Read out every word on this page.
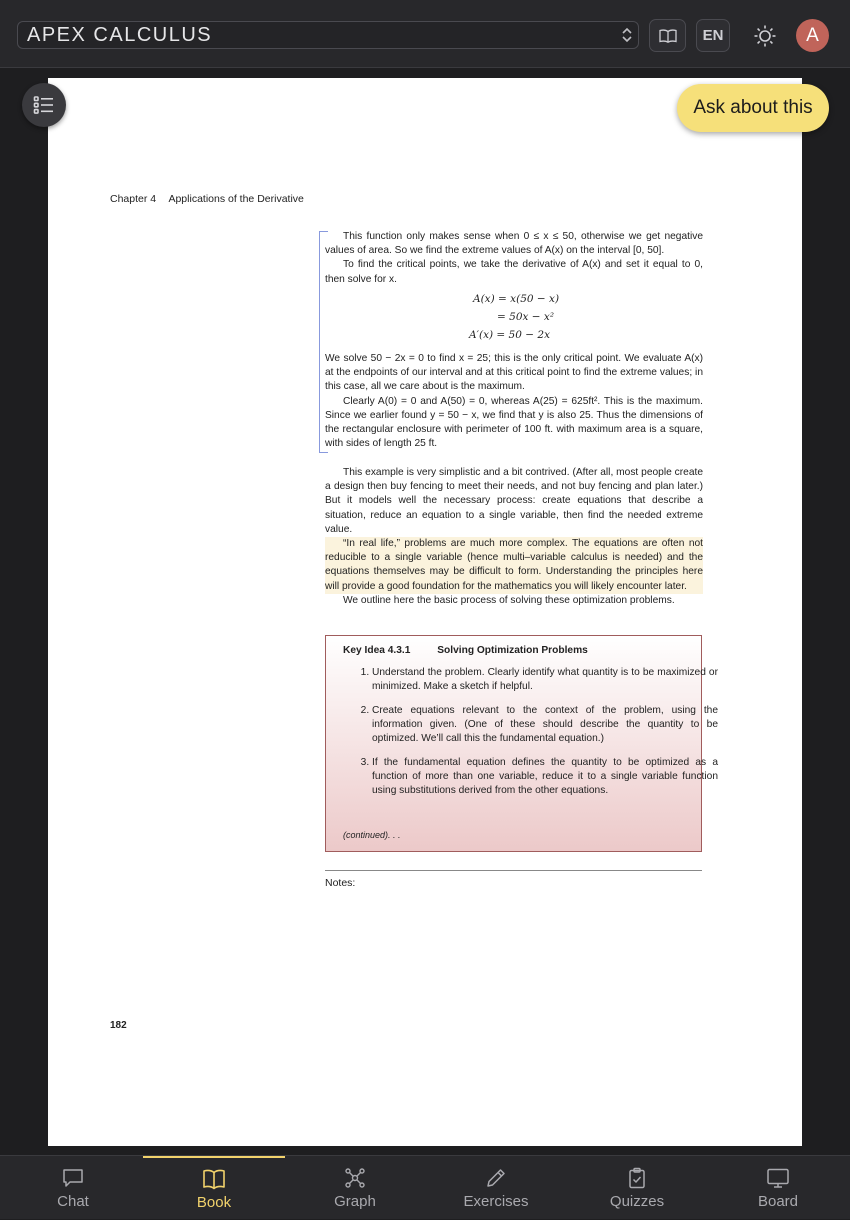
APEX CALCULUS	EN	A
Chapter 4 Applications of the Derivative

This function only makes sense when 0 ≤ x ≤ 50, otherwise we get negative values of area. So we find the extreme values of A(x) on the interval [0, 50].

To find the critical points, we take the derivative of A(x) and set it equal to 0, then solve for x.

A(x) = x(50 − x)
= 50x − x²
A′(x) = 50 − 2x

We solve 50 − 2x = 0 to find x = 25; this is the only critical point. We evaluate A(x) at the endpoints of our interval and at this critical point to find the extreme values; in this case, all we care about is the maximum.

Clearly A(0) = 0 and A(50) = 0, whereas A(25) = 625ft². This is the maximum. Since we earlier found y = 50 − x, we find that y is also 25. Thus the dimensions of the rectangular enclosure with perimeter of 100 ft. with maximum area is a square, with sides of length 25 ft.

This example is very simplistic and a bit contrived. (After all, most people create a design then buy fencing to meet their needs, and not buy fencing and plan later.) But it models well the necessary process: create equations that describe a situation, reduce an equation to a single variable, then find the needed extreme value.

“In real life,” problems are much more complex. The equations are often not reducible to a single variable (hence multi–variable calculus is needed) and the equations themselves may be difficult to form. Understanding the principles here will provide a good foundation for the mathematics you will likely encounter later.

We outline here the basic process of solving these optimization problems.

Key Idea 4.3.1	Solving Optimization Problems
1. Understand the problem. Clearly identify what quantity is to be maximized or minimized. Make a sketch if helpful.
2. Create equations relevant to the context of the problem, using the information given. (One of these should describe the quantity to be optimized. We’ll call this the fundamental equation.)
3. If the fundamental equation defines the quantity to be optimized as a function of more than one variable, reduce it to a single variable function using substitutions derived from the other equations.
(continued). . .
Notes:
182
Ask about this
Chat	Book	Graph	Exercises	Quizzes	Board
